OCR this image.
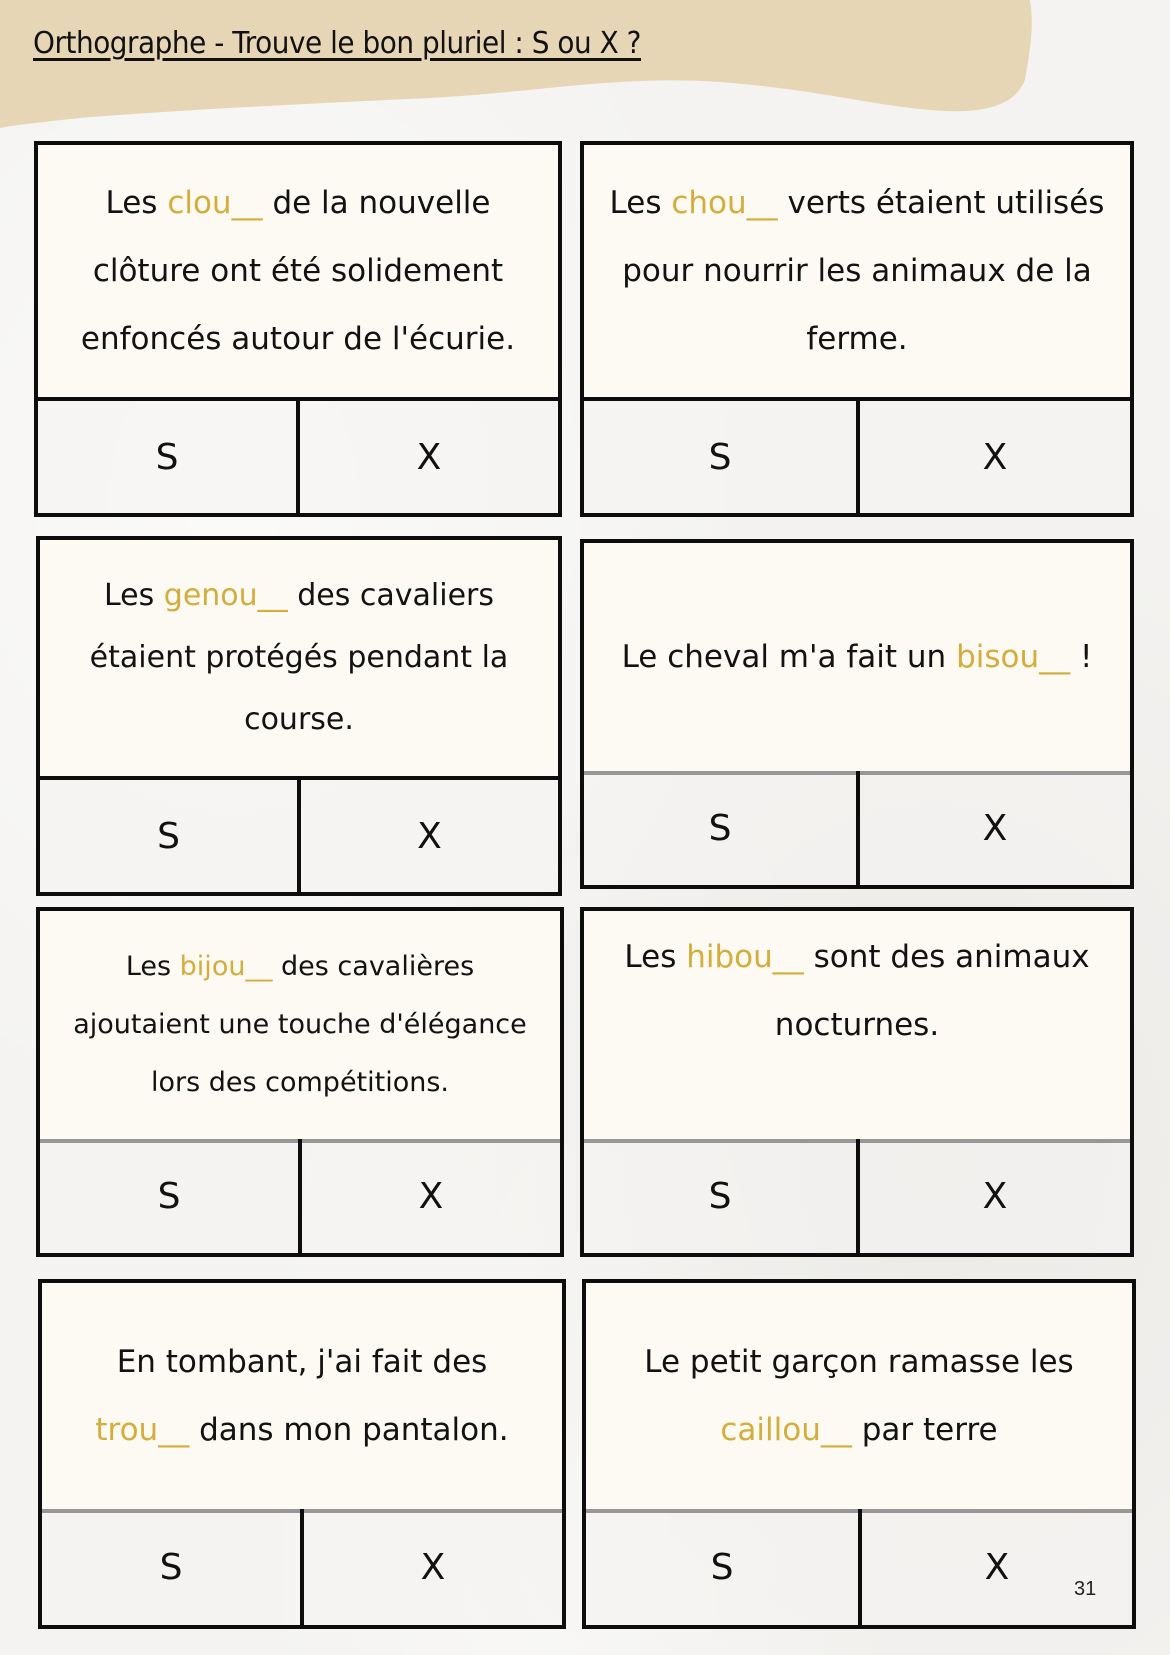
Orthographe - Trouve le bon pluriel : S ou X ?
Les clou__ de la nouvelle clôture ont été solidement enfoncés autour de l'écurie.
S	X
Les chou__ verts étaient utilisés pour nourrir les animaux de la ferme.
S	X
Les genou__ des cavaliers étaient protégés pendant la course.
S	X
Le cheval m'a fait un bisou__ !
S	X
Les bijou__ des cavalières ajoutaient une touche d'élégance lors des compétitions.
S	X
Les hibou__ sont des animaux nocturnes.
S	X
En tombant, j'ai fait des trou__ dans mon pantalon.
S	X
Le petit garçon ramasse les caillou__ par terre
S	X
31
